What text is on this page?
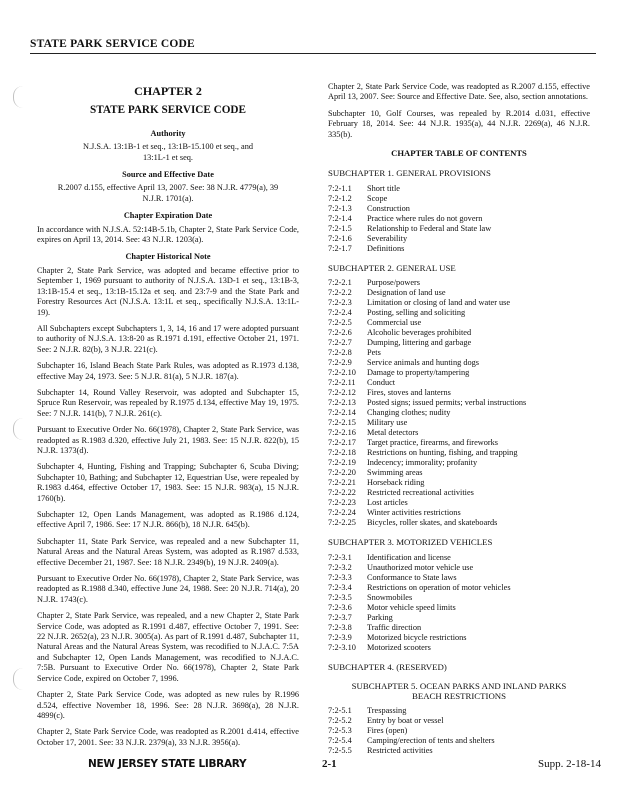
STATE PARK SERVICE CODE
CHAPTER 2
STATE PARK SERVICE CODE
Authority
N.J.S.A. 13:1B-1 et seq., 13:1B-15.100 et seq., and 13:1L-1 et seq.
Source and Effective Date
R.2007 d.155, effective April 13, 2007. See: 38 N.J.R. 4779(a), 39 N.J.R. 1701(a).
Chapter Expiration Date

In accordance with N.J.S.A. 52:14B-5.1b, Chapter 2, State Park Service Code, expires on April 13, 2014. See: 43 N.J.R. 1203(a).

Chapter Historical Note

Chapter 2, State Park Service, was adopted and became effective prior to September 1, 1969 pursuant to authority of N.J.S.A. 13D-1 et seq., 13:1B-3, 13:1B-15.4 et seq., 13:1B-15.12a et seq. and 23:7-9 and the State Park and Forestry Resources Act (N.J.S.A. 13:1L et seq., specifically N.J.S.A. 13:1L-19).

All Subchapters except Subchapters 1, 3, 14, 16 and 17 were adopted pursuant to authority of N.J.S.A. 13:8-20 as R.1971 d.191, effective October 21, 1971. See: 2 N.J.R. 82(b), 3 N.J.R. 221(c).

Subchapter 16, Island Beach State Park Rules, was adopted as R.1973 d.138, effective May 24, 1973. See: 5 N.J.R. 81(a), 5 N.J.R. 187(a).

Subchapter 14, Round Valley Reservoir, was adopted and Subchapter 15, Spruce Run Reservoir, was repealed by R.1975 d.134, effective May 19, 1975. See: 7 N.J.R. 141(b), 7 N.J.R. 261(c).

Pursuant to Executive Order No. 66(1978), Chapter 2, State Park Service, was readopted as R.1983 d.320, effective July 21, 1983. See: 15 N.J.R. 822(b), 15 N.J.R. 1373(d).

Subchapter 4, Hunting, Fishing and Trapping; Subchapter 6, Scuba Diving; Subchapter 10, Bathing; and Subchapter 12, Equestrian Use, were repealed by R.1983 d.464, effective October 17, 1983. See: 15 N.J.R. 983(a), 15 N.J.R. 1760(b).

Subchapter 12, Open Lands Management, was adopted as R.1986 d.124, effective April 7, 1986. See: 17 N.J.R. 866(b), 18 N.J.R. 645(b).

Subchapter 11, State Park Service, was repealed and a new Subchapter 11, Natural Areas and the Natural Areas System, was adopted as R.1987 d.533, effective December 21, 1987. See: 18 N.J.R. 2349(b), 19 N.J.R. 2409(a).

Pursuant to Executive Order No. 66(1978), Chapter 2, State Park Service, was readopted as R.1988 d.340, effective June 24, 1988. See: 20 N.J.R. 714(a), 20 N.J.R. 1743(c).

Chapter 2, State Park Service, was repealed, and a new Chapter 2, State Park Service Code, was adopted as R.1991 d.487, effective October 7, 1991. See: 22 N.J.R. 2652(a), 23 N.J.R. 3005(a). As part of R.1991 d.487, Subchapter 11, Natural Areas and the Natural Areas System, was recodified to N.J.A.C. 7:5A and Subchapter 12, Open Lands Management, was recodified to N.J.A.C. 7:5B. Pursuant to Executive Order No. 66(1978), Chapter 2, State Park Service Code, expired on October 7, 1996.

Chapter 2, State Park Service Code, was adopted as new rules by R.1996 d.524, effective November 18, 1996. See: 28 N.J.R. 3698(a), 28 N.J.R. 4899(c).

Chapter 2, State Park Service Code, was readopted as R.2001 d.414, effective October 17, 2001. See: 33 N.J.R. 2379(a), 33 N.J.R. 3956(a).

Chapter 2, State Park Service Code, was readopted as R.2007 d.155, effective April 13, 2007. See: Source and Effective Date. See, also, section annotations.

Subchapter 10, Golf Courses, was repealed by R.2014 d.031, effective February 18, 2014. See: 44 N.J.R. 1935(a), 44 N.J.R. 2269(a), 46 N.J.R. 335(b).

CHAPTER TABLE OF CONTENTS
SUBCHAPTER 1. GENERAL PROVISIONS
7:2-1.1	Short title
7:2-1.2	Scope
7:2-1.3	Construction
7:2-1.4	Practice where rules do not govern
7:2-1.5	Relationship to Federal and State law
7:2-1.6	Severability
7:2-1.7	Definitions
SUBCHAPTER 2. GENERAL USE
7:2-2.1	Purpose/powers
7:2-2.2	Designation of land use
7:2-2.3	Limitation or closing of land and water use
7:2-2.4	Posting, selling and soliciting
7:2-2.5	Commercial use
7:2-2.6	Alcoholic beverages prohibited
7:2-2.7	Dumping, littering and garbage
7:2-2.8	Pets
7:2-2.9	Service animals and hunting dogs
7:2-2.10	Damage to property/tampering
7:2-2.11	Conduct
7:2-2.12	Fires, stoves and lanterns
7:2-2.13	Posted signs; issued permits; verbal instructions
7:2-2.14	Changing clothes; nudity
7:2-2.15	Military use
7:2-2.16	Metal detectors
7:2-2.17	Target practice, firearms, and fireworks
7:2-2.18	Restrictions on hunting, fishing, and trapping
7:2-2.19	Indecency; immorality; profanity
7:2-2.20	Swimming areas
7:2-2.21	Horseback riding
7:2-2.22	Restricted recreational activities
7:2-2.23	Lost articles
7:2-2.24	Winter activities restrictions
7:2-2.25	Bicycles, roller skates, and skateboards
SUBCHAPTER 3. MOTORIZED VEHICLES
7:2-3.1	Identification and license
7:2-3.2	Unauthorized motor vehicle use
7:2-3.3	Conformance to State laws
7:2-3.4	Restrictions on operation of motor vehicles
7:2-3.5	Snowmobiles
7:2-3.6	Motor vehicle speed limits
7:2-3.7	Parking
7:2-3.8	Traffic direction
7:2-3.9	Motorized bicycle restrictions
7:2-3.10	Motorized scooters
SUBCHAPTER 4. (RESERVED)
SUBCHAPTER 5. OCEAN PARKS AND INLAND PARKS BEACH RESTRICTIONS
7:2-5.1	Trespassing
7:2-5.2	Entry by boat or vessel
7:2-5.3	Fires (open)
7:2-5.4	Camping/erection of tents and shelters
7:2-5.5	Restricted activities
NEW JERSEY STATE LIBRARY	2-1	Supp. 2-18-14
